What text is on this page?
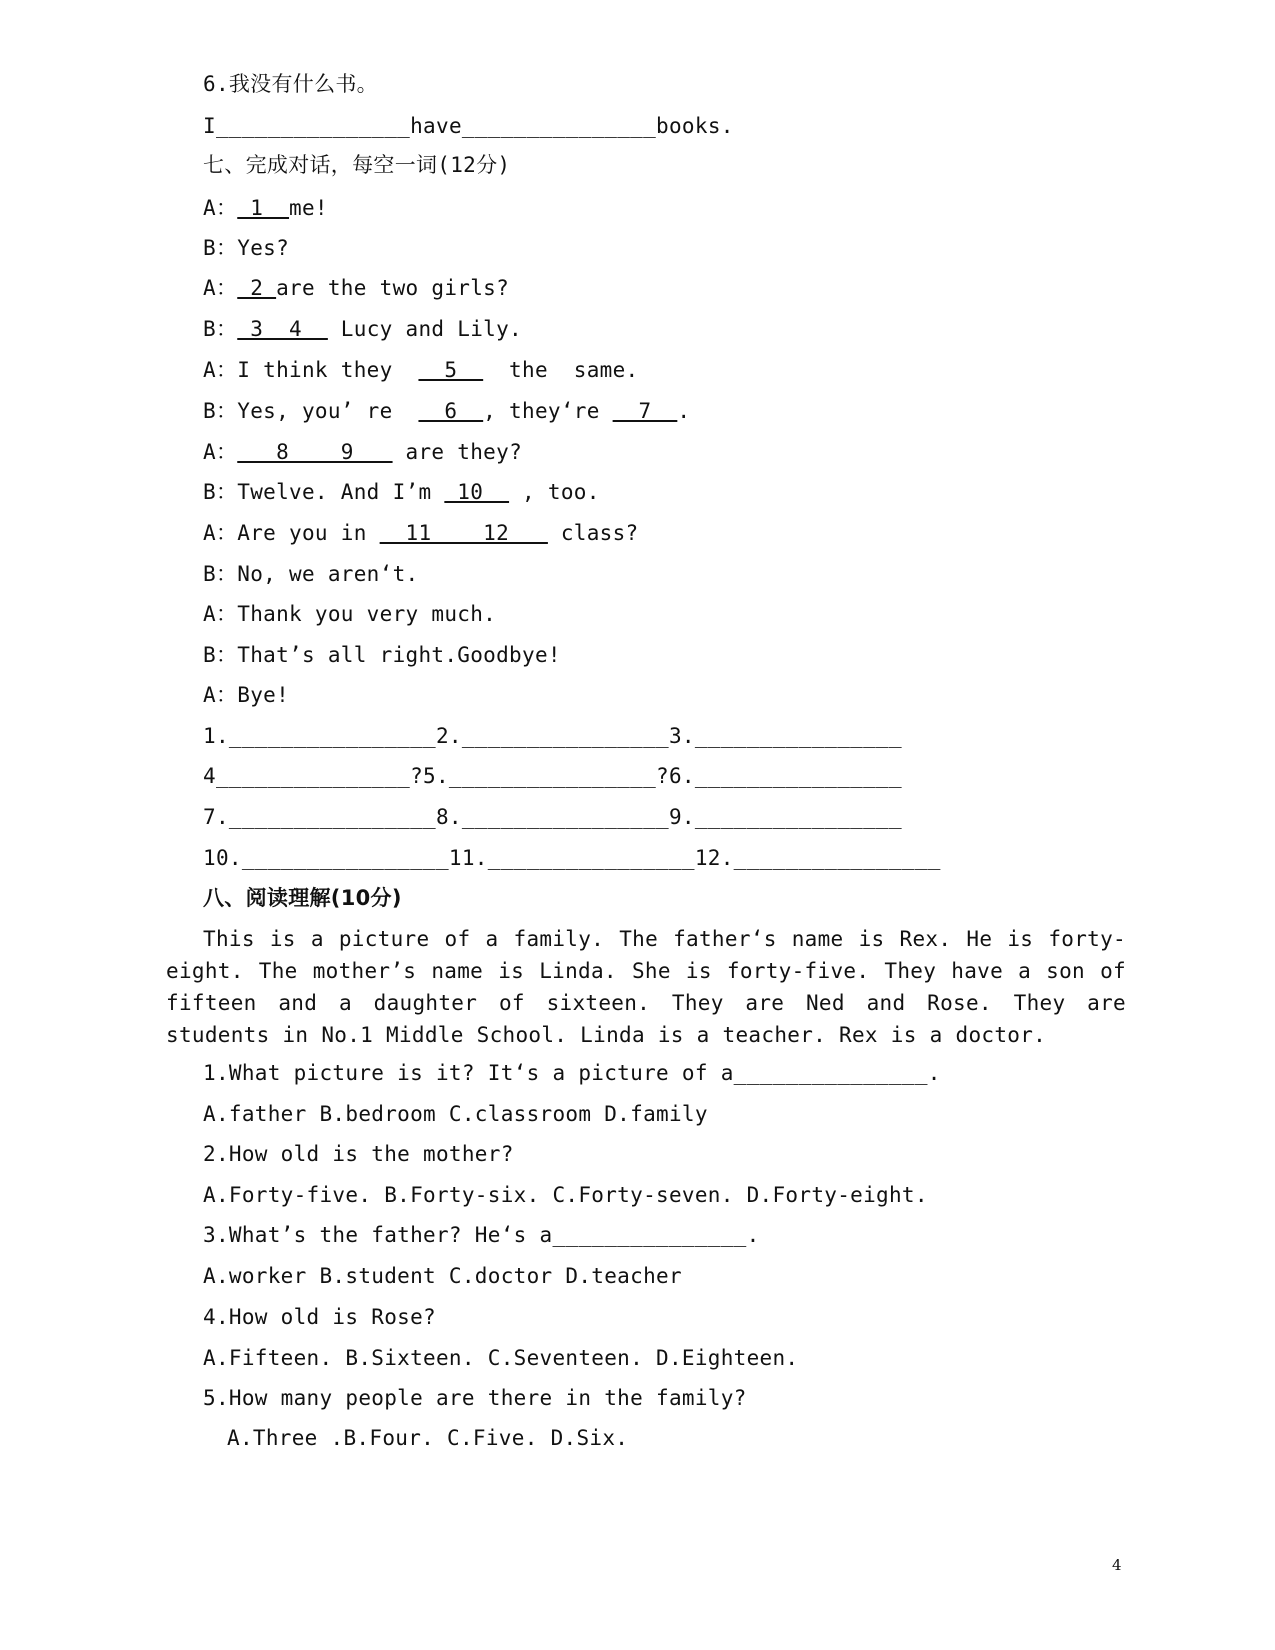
6.我没有什么书。
I_______________have_______________books.
七、完成对话，每空一词(12分)
A： 1  me!
B：Yes?
A： 2 are the two girls?
B： 3  4   Lucy and Lily.
A：I think they    5    the  same.
B：Yes, you’ re    6  , they‘re   7  .
A：   8    9    are they?
B：Twelve. And I’m  10   , too.
A：Are you in   11    12    class?
B：No, we aren‘t.
A：Thank you very much.
B：That’s all right.Goodbye!
A：Bye!
1.________________2.________________3.________________
4_______________?5.________________?6.________________
7.________________8.________________9.________________
10.________________11.________________12.________________
八、阅读理解(10分)
This is a picture of a family. The father‘s name is Rex. He is forty-eight. The mother’s name is Linda. She is forty-five. They have a son of fifteen and a daughter of sixteen. They are Ned and Rose. They are students in No.1 Middle School. Linda is a teacher. Rex is a doctor.
1.What picture is it? It‘s a picture of a_______________.
A.father B.bedroom C.classroom D.family
2.How old is the mother?
A.Forty-five. B.Forty-six. C.Forty-seven. D.Forty-eight.
3.What’s the father? He‘s a_______________.
A.worker B.student C.doctor D.teacher
4.How old is Rose?
A.Fifteen. B.Sixteen. C.Seventeen. D.Eighteen.
5.How many people are there in the family?
A.Three .B.Four. C.Five. D.Six.
4
